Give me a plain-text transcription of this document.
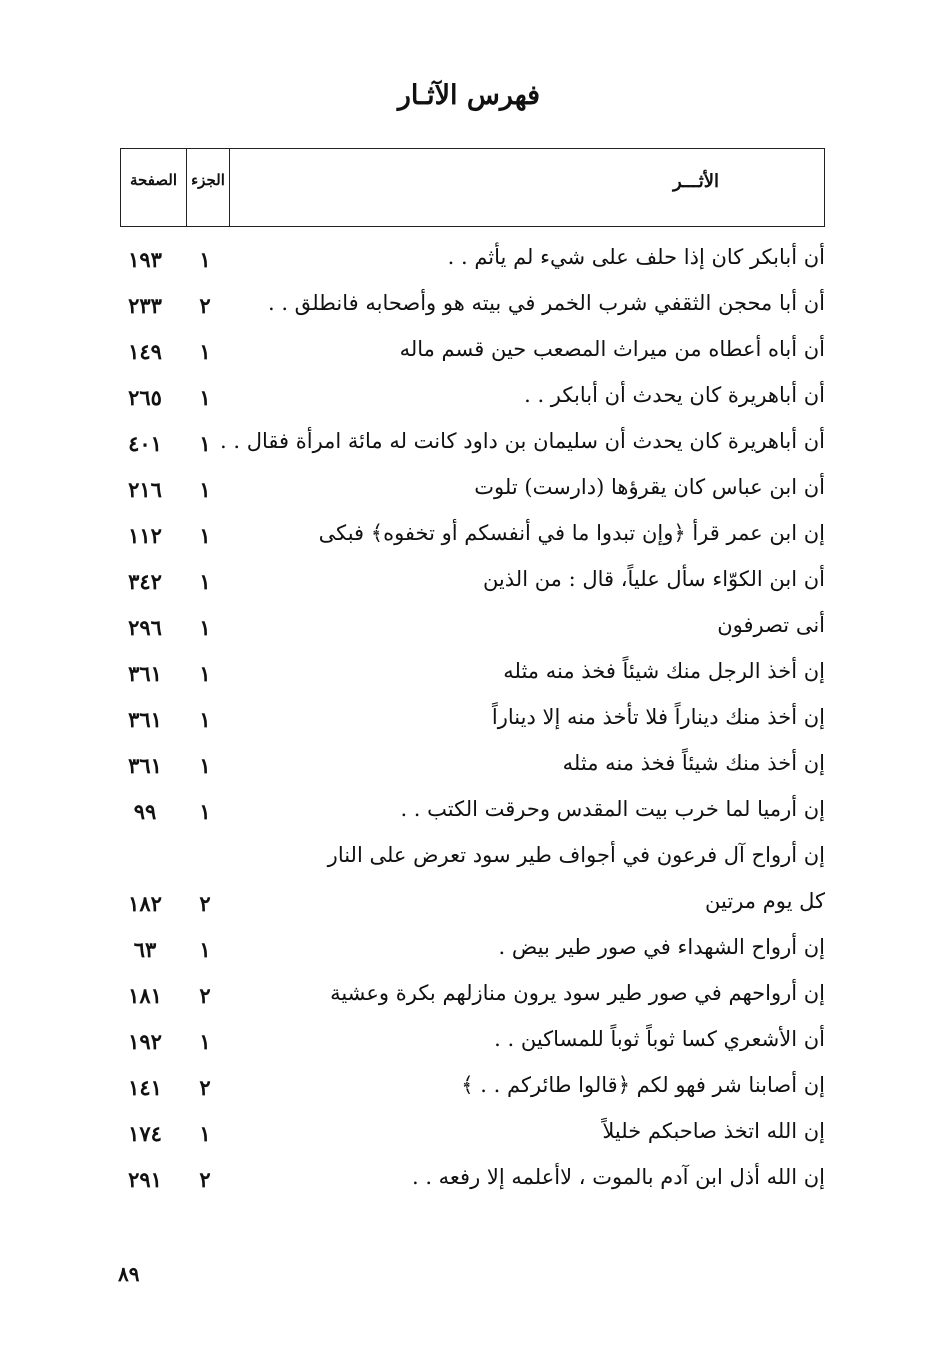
فهرس الآثـار
الأثـــر
الجزء
الصفحة
أن أبابكر كان إذا حلف على شيء لم يأثم . .
١
١٩٣
أن أبا محجن الثقفي شرب الخمر في بيته هو وأصحابه فانطلق . .
٢
٢٣٣
أن أباه أعطاه من ميراث المصعب حين قسم ماله
١
١٤٩
أن أباهريرة كان يحدث أن أبابكر . .
١
٢٦٥
أن أباهريرة كان يحدث أن سليمان بن داود كانت له مائة امرأة فقال . .
١
٤٠١
أن ابن عباس كان يقرؤها (دارست) تلوت
١
٢١٦
إن ابن عمر قرأ ﴿وإن تبدوا ما في أنفسكم أو تخفوه﴾ فبكى
١
١١٢
أن ابن الكوّاء سأل علياً، قال : من الذين
١
٣٤٢
أنى تصرفون
١
٢٩٦
إن أخذ الرجل منك شيئاً فخذ منه مثله
١
٣٦١
إن أخذ منك ديناراً فلا تأخذ منه إلا ديناراً
١
٣٦١
إن أخذ منك شيئاً فخذ منه مثله
١
٣٦١
إن أرميا لما خرب بيت المقدس وحرقت الكتب . .
١
٩٩
إن أرواح آل فرعون في أجواف طير سود تعرض على النار
كل يوم مرتين
٢
١٨٢
إن أرواح الشهداء في صور طير بيض .
١
٦٣
إن أرواحهم في صور طير سود يرون منازلهم بكرة وعشية
٢
١٨١
أن الأشعري كسا ثوباً ثوباً للمساكين . .
١
١٩٢
إن أصابنا شر فهو لكم ﴿قالوا طائركم . . ﴾
٢
١٤١
إن الله اتخذ صاحبكم خليلاً
١
١٧٤
إن الله أذل ابن آدم بالموت ، لاأعلمه إلا رفعه . .
٢
٢٩١
٨٩
